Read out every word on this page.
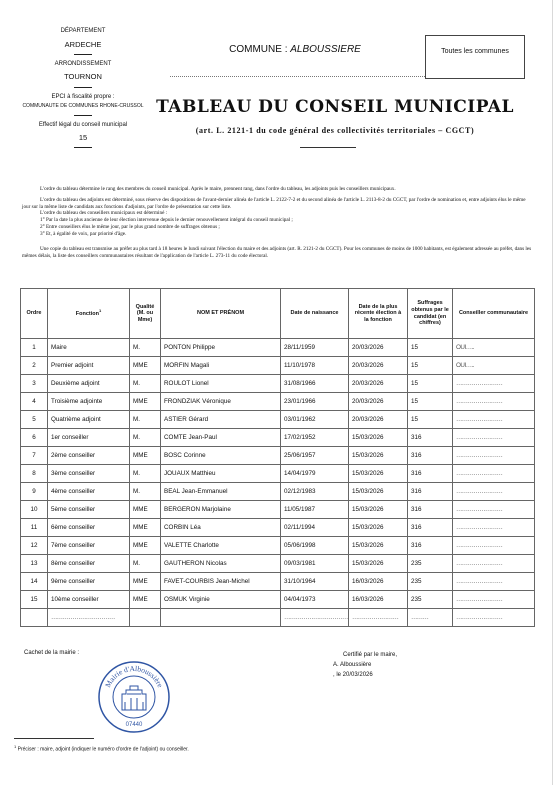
DÉPARTEMENT
ARDECHE
ARRONDISSEMENT
TOURNON
EPCI à fiscalité propre :
COMMUNAUTE DE COMMUNES RHONE-CRUSSOL
Effectif légal du conseil municipal
15
COMMUNE : ALBOUSSIERE	Toutes les communes
TABLEAU DU CONSEIL MUNICIPAL
(art. L. 2121-1 du code général des collectivités territoriales – CGCT)

L'ordre du tableau détermine le rang des membres du conseil municipal. Après le maire, prennent rang, dans l'ordre du tableau, les adjoints puis les conseillers municipaux.

L'ordre du tableau des adjoints est déterminé, sous réserve des dispositions de l'avant-dernier alinéa de l'article L. 2122-7-2 et du second alinéa de l'article L. 2113-8-2 du CGCT, par l'ordre de nomination et, entre adjoints élus le même jour sur la même liste de candidats aux fonctions d'adjoints, par l'ordre de présentation sur cette liste.

L'ordre du tableau des conseillers municipaux est déterminé :

1° Par la date la plus ancienne de leur élection intervenue depuis le dernier renouvellement intégral du conseil municipal ;
2° Entre conseillers élus le même jour, par le plus grand nombre de suffrages obtenus ;
3° Et, à égalité de voix, par priorité d'âge.

Une copie du tableau est transmise au préfet au plus tard à 18 heures le lundi suivant l'élection du maire et des adjoints (art. R. 2121-2 du CGCT). Pour les communes de moins de 1000 habitants, est également adressée au préfet, dans les mêmes délais, la liste des conseillers communautaires résultant de l'application de l'article L. 273-11 du code électoral.

Ordre	Fonction$^1$	Qualité (M. ou Mme)	NOM ET PRÉNOM	Date de naissance	Date de la plus récente élection à la fonction	Suffrages obtenus par le candidat (en chiffres)	Conseiller communautaire
1	Maire	M.	PONTON Philippe	28/11/1959	20/03/2026	15	OUI…..
2	Premier adjoint	MME	MORFIN Magali	11/10/1978	20/03/2026	15	OUI…..
3	Deuxième adjoint	M.	ROULOT Lionel	31/08/1966	20/03/2026	15	……………………
4	Troisième adjointe	MME	FRONDZIAK Véronique	23/01/1966	20/03/2026	15	……………………
5	Quatrième adjoint	M.	ASTIER Gérard	03/01/1962	20/03/2026	15	……………………
6	1er conseiller	M.	COMTE Jean-Paul	17/02/1952	15/03/2026	316	……………………
7	2ème conseiller	MME	BOSC Corinne	25/06/1957	15/03/2026	316	……………………
8	3ème conseiller	M.	JOUAUX Matthieu	14/04/1979	15/03/2026	316	……………………
9	4ème conseiller	M.	BEAL Jean-Emmanuel	02/12/1983	15/03/2026	316	……………………
10	5ème conseiller	MME	BERGERON Marjolaine	11/05/1987	15/03/2026	316	……………………
11	6ème conseiller	MME	CORBIN Léa	02/11/1994	15/03/2026	316	……………………
12	7ème conseiller	MME	VALETTE Charlotte	05/06/1998	15/03/2026	316	……………………
13	8ème conseiller	M.	GAUTHERON Nicolas	09/03/1981	15/03/2026	235	……………………
14	9ème conseiller	MME	FAVET-COURBIS Jean-Michel	31/10/1964	16/03/2026	235	……………………
15	10ème conseiller	MME	OSMUK Virginie	04/04/1973	16/03/2026	235	……………………
	……………………………			……………………………	……………………	………	……………………
Cachet de la mairie :
Mairie d'Alboussière
07440
Certifié par le maire,
A. Alboussière
, le 20/03/2026
$^1$ Préciser : maire, adjoint (indiquer le numéro d'ordre de l'adjoint) ou conseiller.
